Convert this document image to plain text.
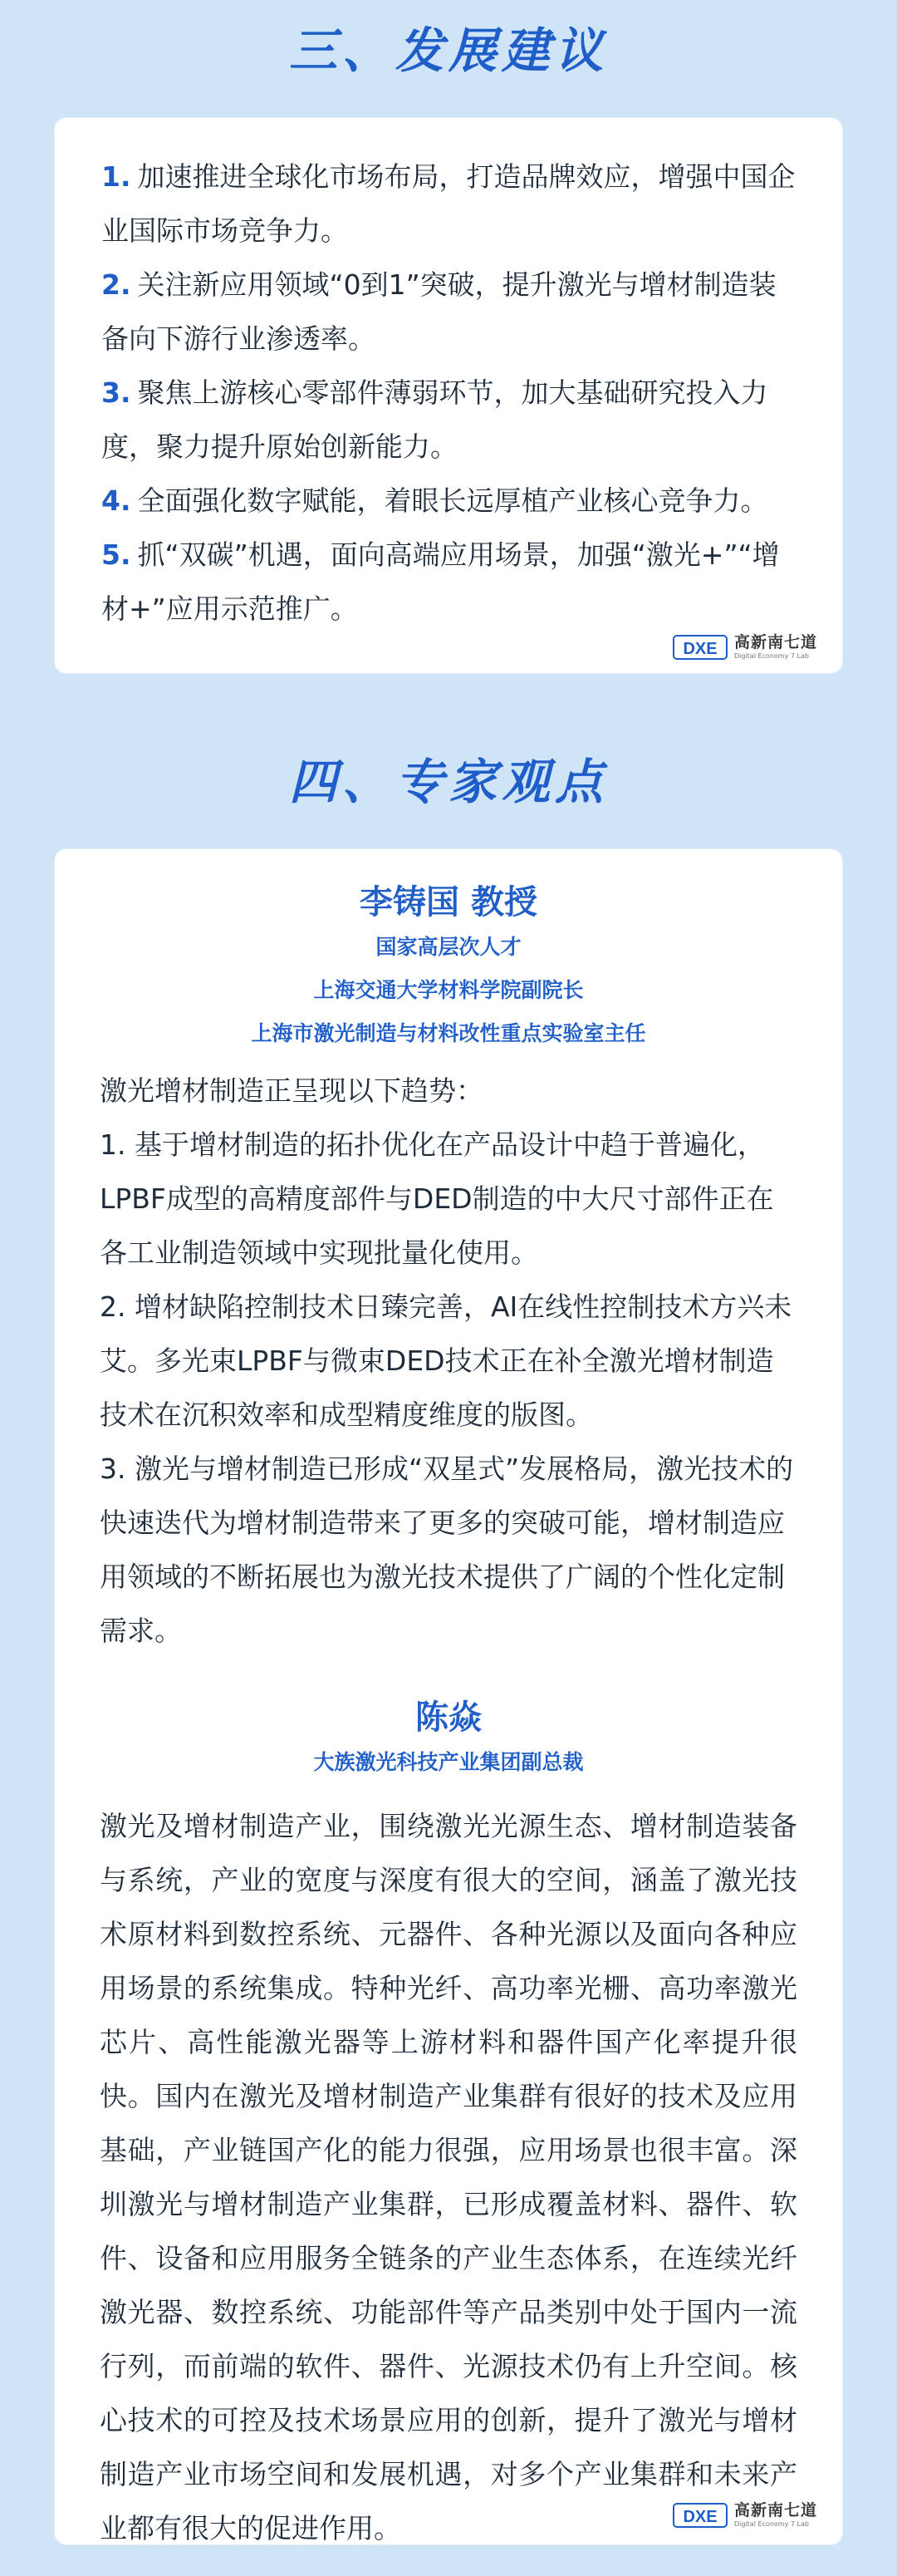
三、发展建议
1. 加速推进全球化市场布局，打造品牌效应，增强中国企业国际市场竞争力。
2. 关注新应用领域“0到1”突破，提升激光与增材制造装备向下游行业渗透率。
3. 聚焦上游核心零部件薄弱环节，加大基础研究投入力度，聚力提升原始创新能力。
4. 全面强化数字赋能，着眼长远厚植产业核心竞争力。
5. 抓“双碳”机遇，面向高端应用场景，加强“激光+”“增材+”应用示范推广。
DXE 高新南七道
Digital Economy 7 Lab
四、专家观点
李铸国 教授
国家高层次人才
上海交通大学材料学院副院长
上海市激光制造与材料改性重点实验室主任

激光增材制造正呈现以下趋势：

1. 基于增材制造的拓扑优化在产品设计中趋于普遍化，LPBF成型的高精度部件与DED制造的中大尺寸部件正在各工业制造领域中实现批量化使用。

2. 增材缺陷控制技术日臻完善，AI在线性控制技术方兴未艾。多光束LPBF与微束DED技术正在补全激光增材制造技术在沉积效率和成型精度维度的版图。

3. 激光与增材制造已形成“双星式”发展格局，激光技术的快速迭代为增材制造带来了更多的突破可能，增材制造应用领域的不断拓展也为激光技术提供了广阔的个性化定制需求。

陈焱
大族激光科技产业集团副总裁

激光及增材制造产业，围绕激光光源生态、增材制造装备与系统，产业的宽度与深度有很大的空间，涵盖了激光技术原材料到数控系统、元器件、各种光源以及面向各种应用场景的系统集成。特种光纤、高功率光栅、高功率激光芯片、高性能激光器等上游材料和器件国产化率提升很快。国内在激光及增材制造产业集群有很好的技术及应用基础，产业链国产化的能力很强，应用场景也很丰富。深圳激光与增材制造产业集群，已形成覆盖材料、器件、软件、设备和应用服务全链条的产业生态体系，在连续光纤激光器、数控系统、功能部件等产品类别中处于国内一流行列，而前端的软件、器件、光源技术仍有上升空间。核心技术的可控及技术场景应用的创新，提升了激光与增材制造产业市场空间和发展机遇，对多个产业集群和未来产业都有很大的促进作用。	DXE 高新南七道
Digital Economy 7 Lab
